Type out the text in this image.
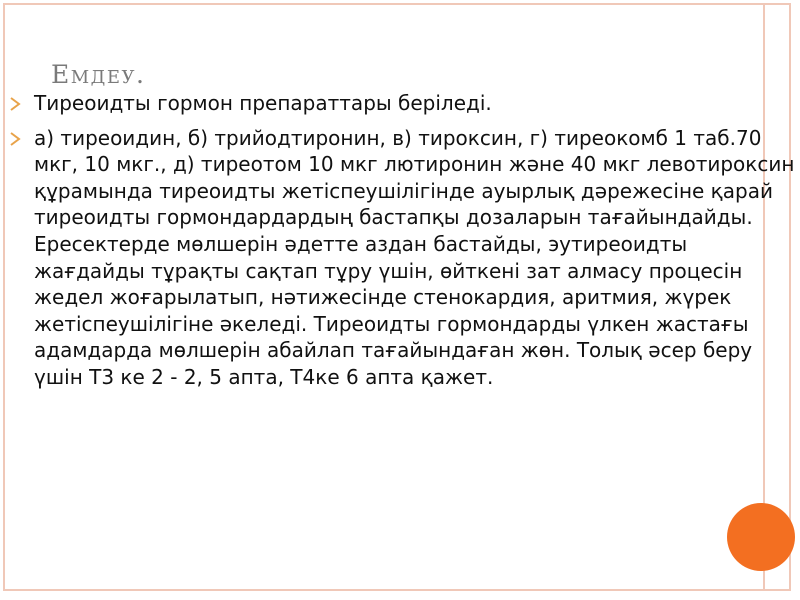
Емдеу.
Тиреоидты гормон препараттары беріледі.
а) тиреоидин, б) трийодтиронин, в) тироксин, г) тиреокомб 1 таб.70 мкг, 10 мкг., д) тиреотом 10 мкг лютиронин және 40 мкг левотироксин құрамында тиреоидты жетіспеушілігінде ауырлық дәрежесіне қарай тиреоидты гормондардардың бастапқы дозаларын тағайындайды. Ересектерде мөлшерін әдетте аздан бастайды, эутиреоидты жағдайды тұрақты сақтап тұру үшін, өйткені зат алмасу процесін жедел жоғарылатып, нәтижесінде стенокардия, аритмия, жүрек жетіспеушілігіне әкеледі. Тиреоидты гормондарды үлкен жастағы адамдарда мөлшерін абайлап тағайындаған жөн. Толық әсер беру үшін Т3 ке 2 - 2, 5 апта, Т4ке 6 апта қажет.
